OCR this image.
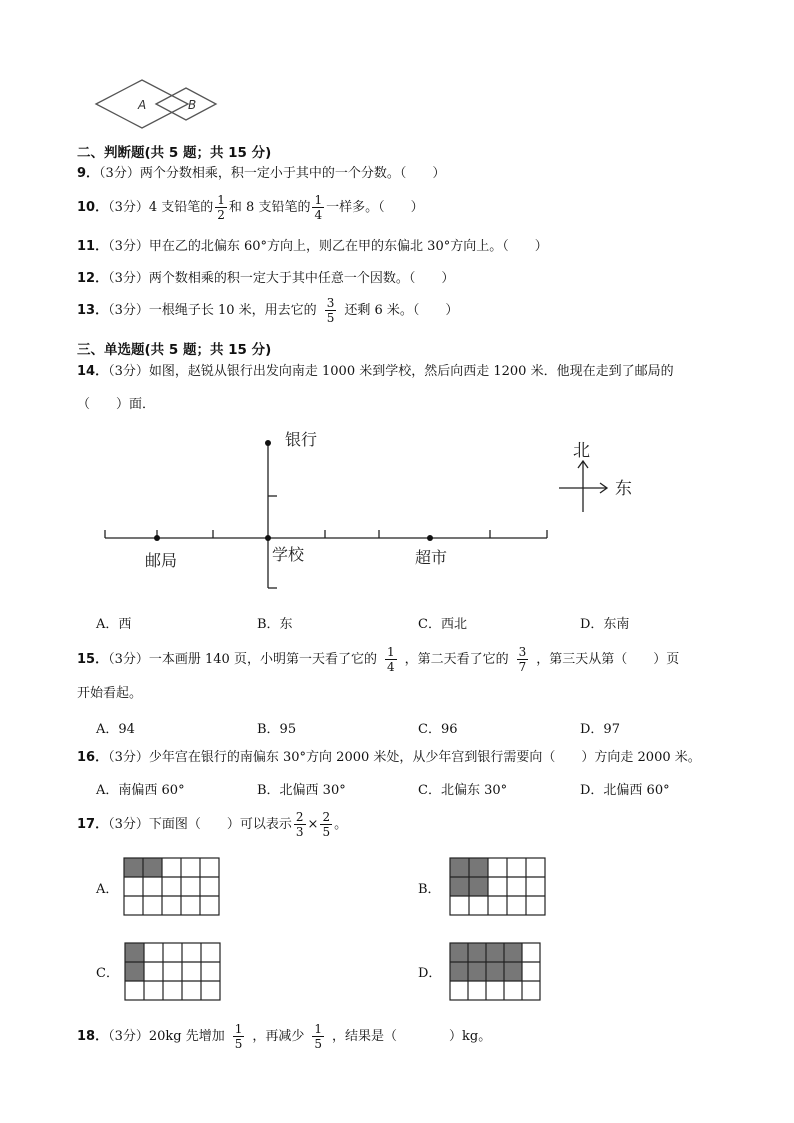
A	B
二、判断题(共 5 题；共 15 分)
9．（3分）两个分数相乘，积一定小于其中的一个分数。（　　）
10．（3分）4 支铅笔的 $\frac{1}{2}$ 和 8 支铅笔的 $\frac{1}{4}$ 一样多。（　　）
11．（3分）甲在乙的北偏东 60°方向上，则乙在甲的东偏北 30°方向上。（　　）
12．（3分）两个数相乘的积一定大于其中任意一个因数。（　　）
13．（3分）一根绳子长 10 米，用去它的 $\frac{3}{5}$ 还剩 6 米。（　　）
三、单选题(共 5 题；共 15 分)
14．（3分）如图，赵锐从银行出发向南走 1000 米到学校，然后向西走 1200 米．他现在走到了邮局的
（　　）面．
银行
学校
邮局	超市
北
东
A．西	B．东	C．西北	D．东南
15．（3分）一本画册 140 页，小明第一天看了它的 $\frac{1}{4}$ ，第二天看了它的 $\frac{3}{7}$ ，第三天从第（　　）页
开始看起。
A．94	B．95	C．96	D．97
16．（3分）少年宫在银行的南偏东 30°方向 2000 米处，从少年宫到银行需要向（　　）方向走 2000 米。
A．南偏西 60°	B．北偏西 30°	C．北偏东 30°	D．北偏西 60°
17．（3分）下面图（　　）可以表示 $\frac{2}{3} \times \frac{2}{5}$ 。
A．	B．
C．	D．
18．（3分）20kg 先增加 $\frac{1}{5}$ ，再减少 $\frac{1}{5}$ ，结果是（　　　　）kg。
